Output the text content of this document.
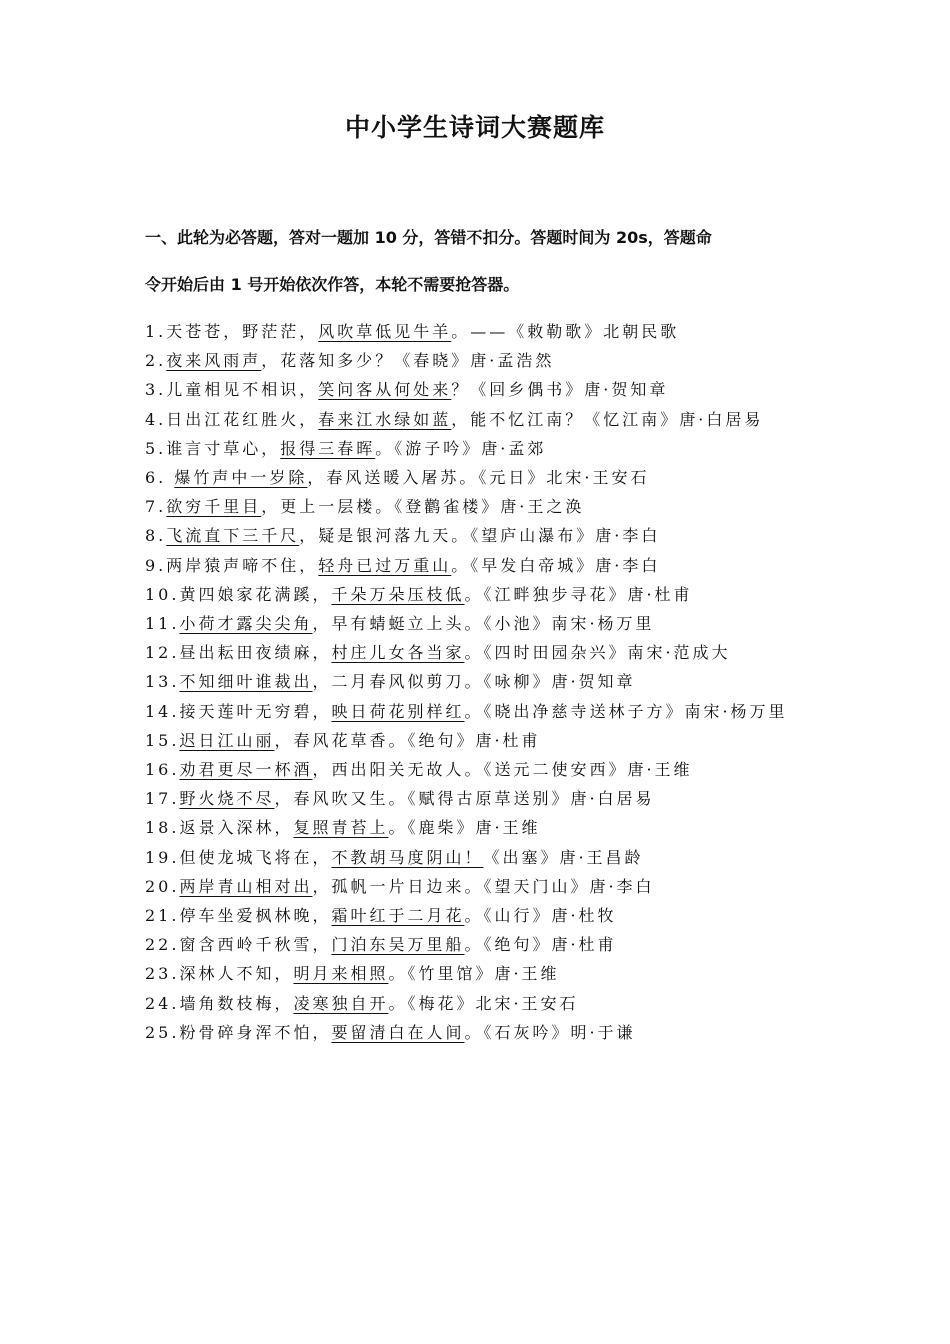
中小学生诗词大赛题库
一、此轮为必答题，答对一题加 10 分，答错不扣分。答题时间为 20s，答题命
令开始后由 1 号开始依次作答，本轮不需要抢答器。

1.天苍苍，野茫茫，风吹草低见牛羊。——《敕勒歌》北朝民歌

2.夜来风雨声，花落知多少？《春晓》唐·孟浩然

3.儿童相见不相识，笑问客从何处来？《回乡偶书》唐·贺知章

4.日出江花红胜火，春来江水绿如蓝，能不忆江南？《忆江南》唐·白居易

5.谁言寸草心，报得三春晖。《游子吟》唐·孟郊

6. 爆竹声中一岁除，春风送暖入屠苏。《元日》北宋·王安石

7.欲穷千里目，更上一层楼。《登鹳雀楼》唐·王之涣

8.飞流直下三千尺，疑是银河落九天。《望庐山瀑布》唐·李白

9.两岸猿声啼不住，轻舟已过万重山。《早发白帝城》唐·李白

10.黄四娘家花满蹊，千朵万朵压枝低。《江畔独步寻花》唐·杜甫

11.小荷才露尖尖角，早有蜻蜓立上头。《小池》南宋·杨万里

12.昼出耘田夜绩麻，村庄儿女各当家。《四时田园杂兴》南宋·范成大

13.不知细叶谁裁出，二月春风似剪刀。《咏柳》唐·贺知章

14.接天莲叶无穷碧，映日荷花别样红。《晓出净慈寺送林子方》南宋·杨万里

15.迟日江山丽，春风花草香。《绝句》唐·杜甫

16.劝君更尽一杯酒，西出阳关无故人。《送元二使安西》唐·王维

17.野火烧不尽，春风吹又生。《赋得古原草送别》唐·白居易

18.返景入深林，复照青苔上。《鹿柴》唐·王维

19.但使龙城飞将在，不教胡马度阴山！《出塞》唐·王昌龄

20.两岸青山相对出，孤帆一片日边来。《望天门山》唐·李白

21.停车坐爱枫林晚，霜叶红于二月花。《山行》唐·杜牧

22.窗含西岭千秋雪，门泊东吴万里船。《绝句》唐·杜甫

23.深林人不知，明月来相照。《竹里馆》唐·王维

24.墙角数枝梅，凌寒独自开。《梅花》北宋·王安石

25.粉骨碎身浑不怕，要留清白在人间。《石灰吟》明·于谦
